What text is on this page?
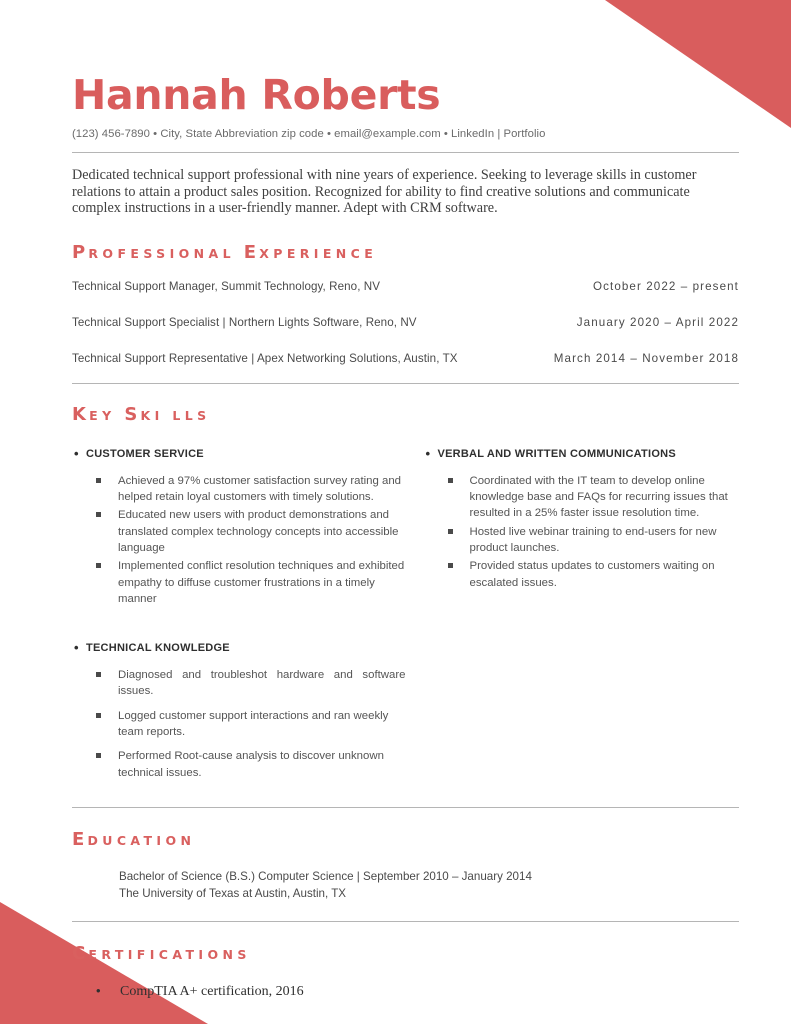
Hannah Roberts
(123) 456-7890 • City, State Abbreviation zip code • email@example.com • LinkedIn | Portfolio
Dedicated technical support professional with nine years of experience. Seeking to leverage skills in customer relations to attain a product sales position. Recognized for ability to find creative solutions and communicate complex instructions in a user-friendly manner. Adept with CRM software.
PROFESSIONAL EXPERIENCE
Technical Support Manager, Summit Technology, Reno, NV	October 2022 – present
Technical Support Specialist | Northern Lights Software, Reno, NV	January 2020 – April 2022
Technical Support Representative | Apex Networking Solutions, Austin, TX	March 2014 – November 2018
KEY SKI LLS
• CUSTOMER SERVICE
Achieved a 97% customer satisfaction survey rating and helped retain loyal customers with timely solutions.
Educated new users with product demonstrations and translated complex technology concepts into accessible language
Implemented conflict resolution techniques and exhibited empathy to diffuse customer frustrations in a timely manner
• TECHNICAL KNOWLEDGE
Diagnosed and troubleshot hardware and software issues.
Logged customer support interactions and ran weekly team reports.
Performed Root-cause analysis to discover unknown technical issues.
• VERBAL AND WRITTEN COMMUNICATIONS
Coordinated with the IT team to develop online knowledge base and FAQs for recurring issues that resulted in a 25% faster issue resolution time.
Hosted live webinar training to end-users for new product launches.
Provided status updates to customers waiting on escalated issues.
EDUCATION
Bachelor of Science (B.S.) Computer Science | September 2010 – January 2014
The University of Texas at Austin, Austin, TX
CERTIFICATIONS
•	CompTIA A+ certification, 2016
